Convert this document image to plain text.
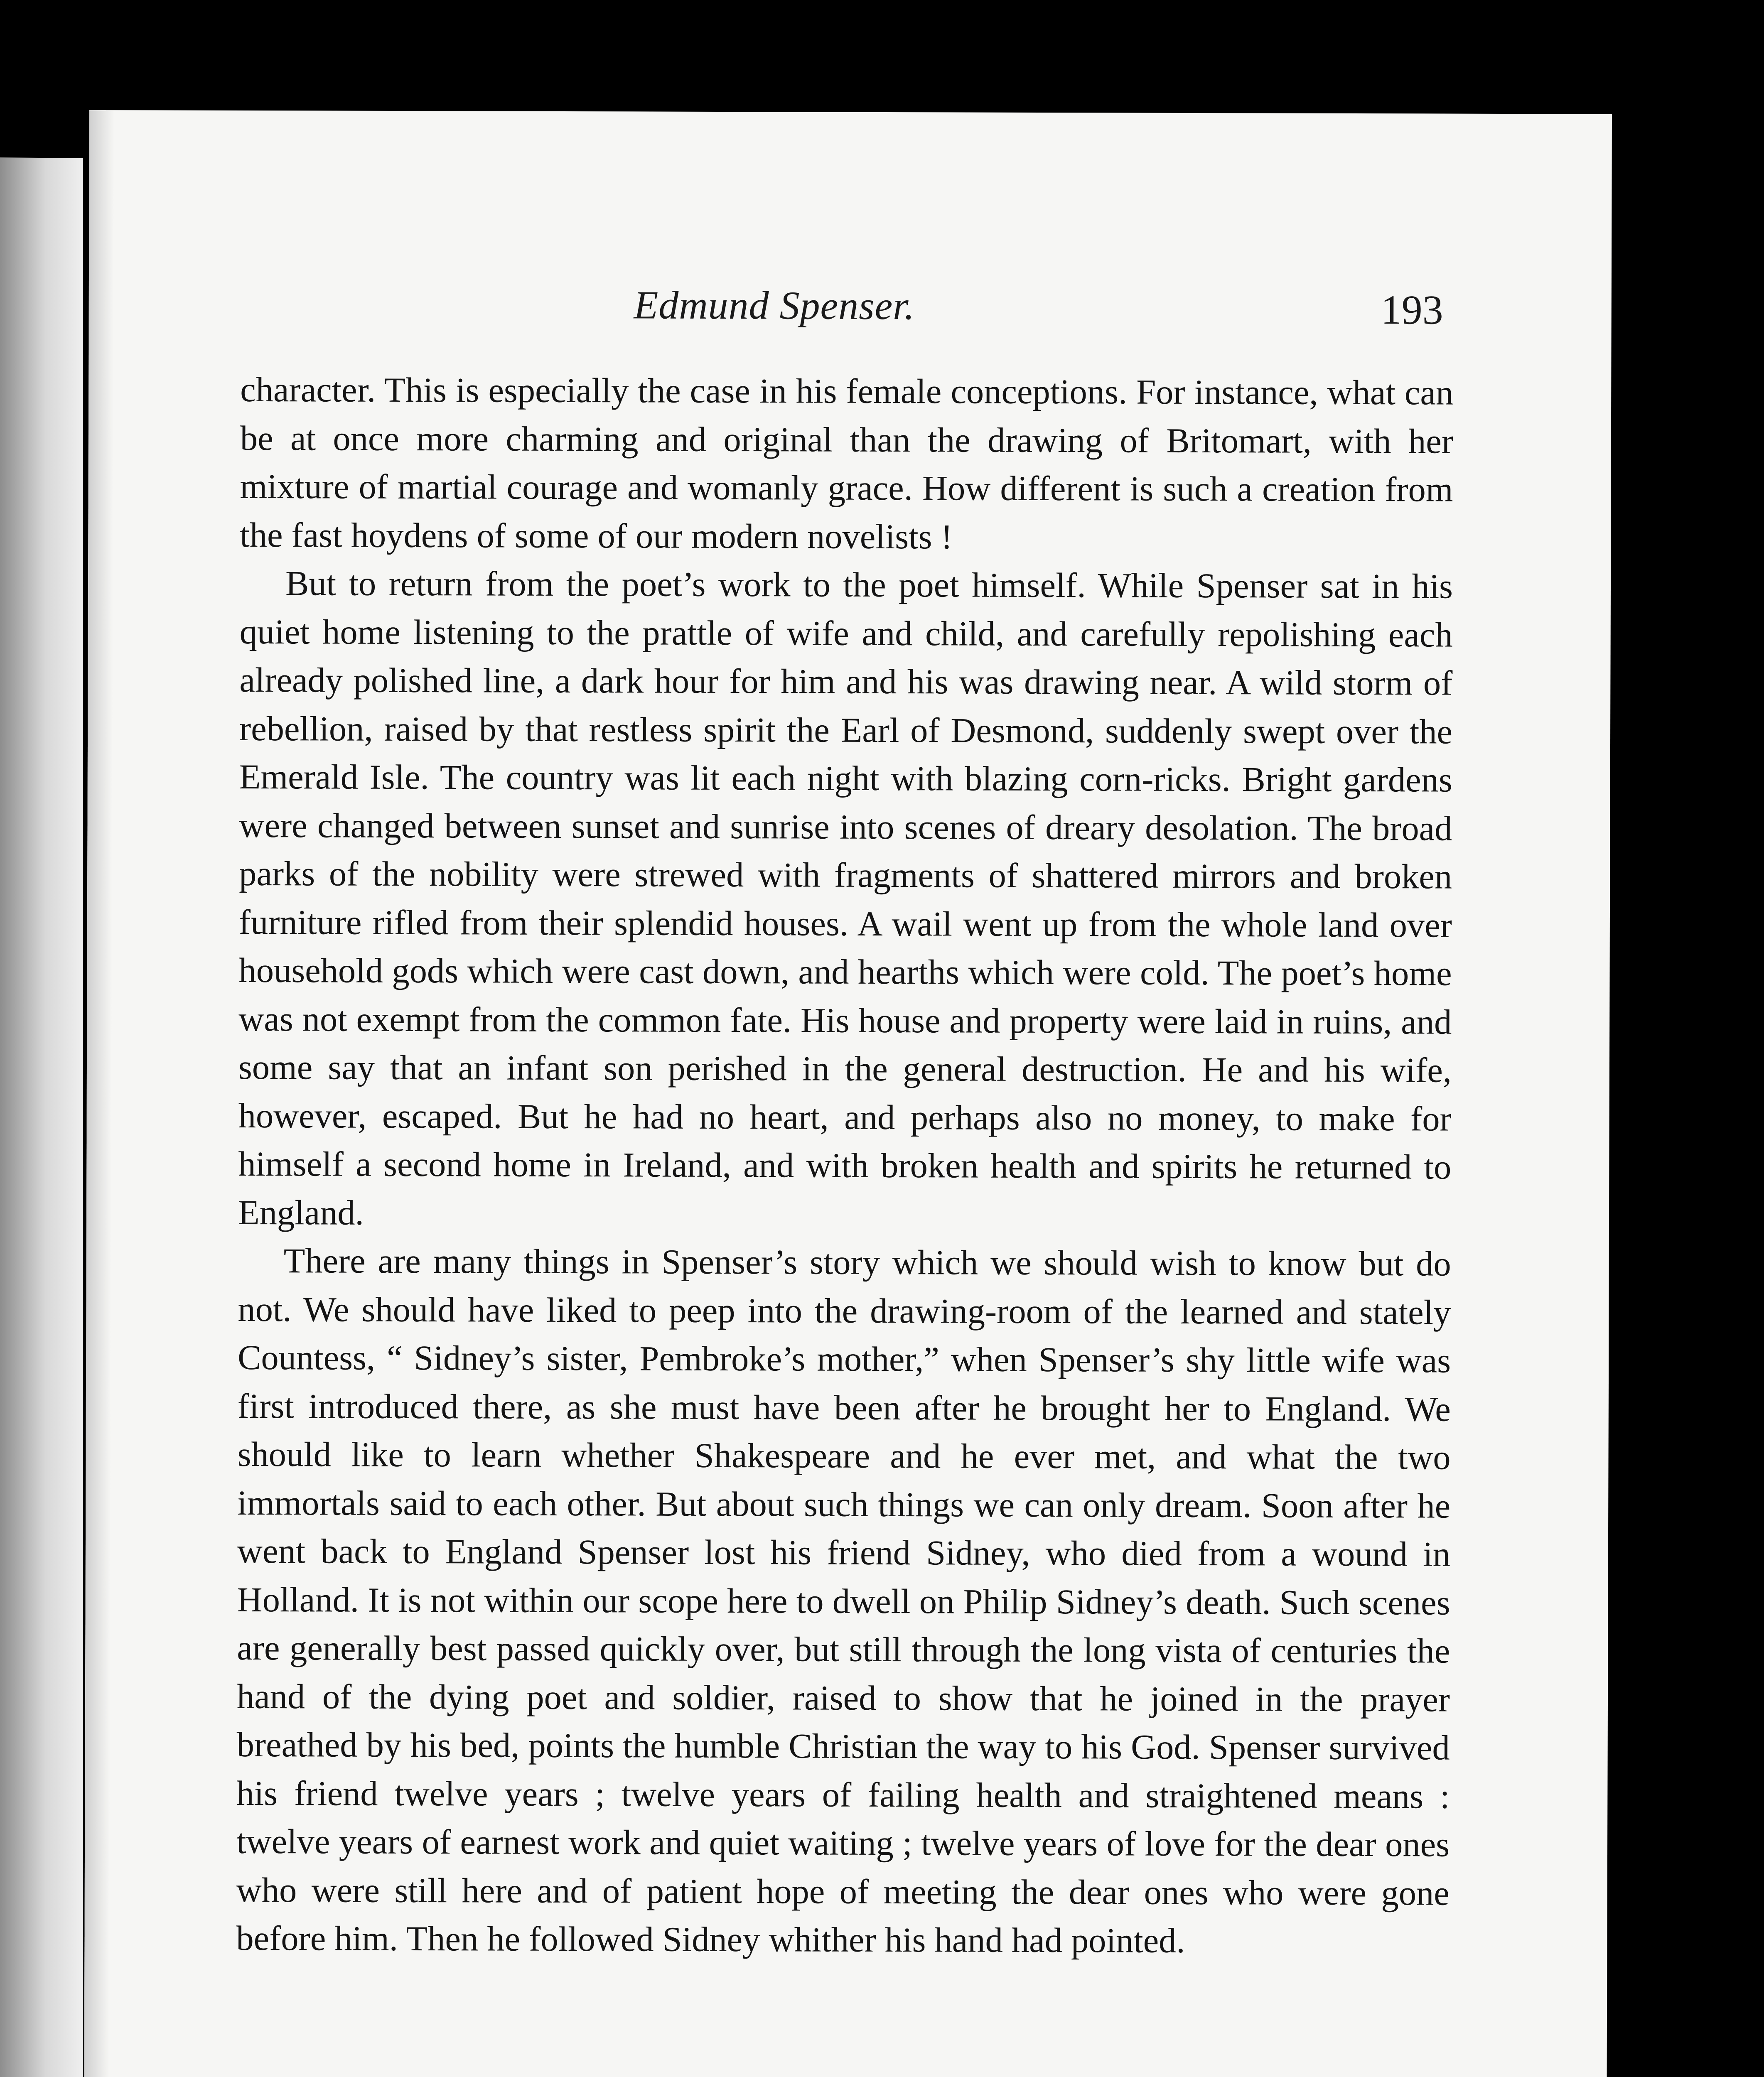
Edmund Spenser.	193

character. This is especially the case in his female conceptions. For instance, what can be at once more charming and original than the drawing of Britomart, with her mixture of martial courage and womanly grace. How different is such a creation from the fast hoydens of some of our modern novelists !

But to return from the poet’s work to the poet himself. While Spenser sat in his quiet home listening to the prattle of wife and child, and carefully repolishing each already polished line, a dark hour for him and his was drawing near. A wild storm of rebellion, raised by that restless spirit the Earl of Desmond, suddenly swept over the Emerald Isle. The country was lit each night with blazing corn-ricks. Bright gardens were changed between sunset and sunrise into scenes of dreary desolation. The broad parks of the nobility were strewed with fragments of shattered mirrors and broken furniture rifled from their splendid houses. A wail went up from the whole land over household gods which were cast down, and hearths which were cold. The poet’s home was not exempt from the common fate. His house and property were laid in ruins, and some say that an infant son perished in the general destruction. He and his wife, however, escaped. But he had no heart, and perhaps also no money, to make for himself a second home in Ireland, and with broken health and spirits he returned to England.

There are many things in Spenser’s story which we should wish to know but do not. We should have liked to peep into the drawing-room of the learned and stately Countess, “ Sidney’s sister, Pembroke’s mother,” when Spenser’s shy little wife was first introduced there, as she must have been after he brought her to England. We should like to learn whether Shakespeare and he ever met, and what the two immortals said to each other. But about such things we can only dream. Soon after he went back to England Spenser lost his friend Sidney, who died from a wound in Holland. It is not within our scope here to dwell on Philip Sidney’s death. Such scenes are generally best passed quickly over, but still through the long vista of centuries the hand of the dying poet and soldier, raised to show that he joined in the prayer breathed by his bed, points the humble Christian the way to his God. Spenser survived his friend twelve years ; twelve years of failing health and straightened means : twelve years of earnest work and quiet waiting ; twelve years of love for the dear ones who were still here and of patient hope of meeting the dear ones who were gone before him. Then he followed Sidney whither his hand had pointed.
